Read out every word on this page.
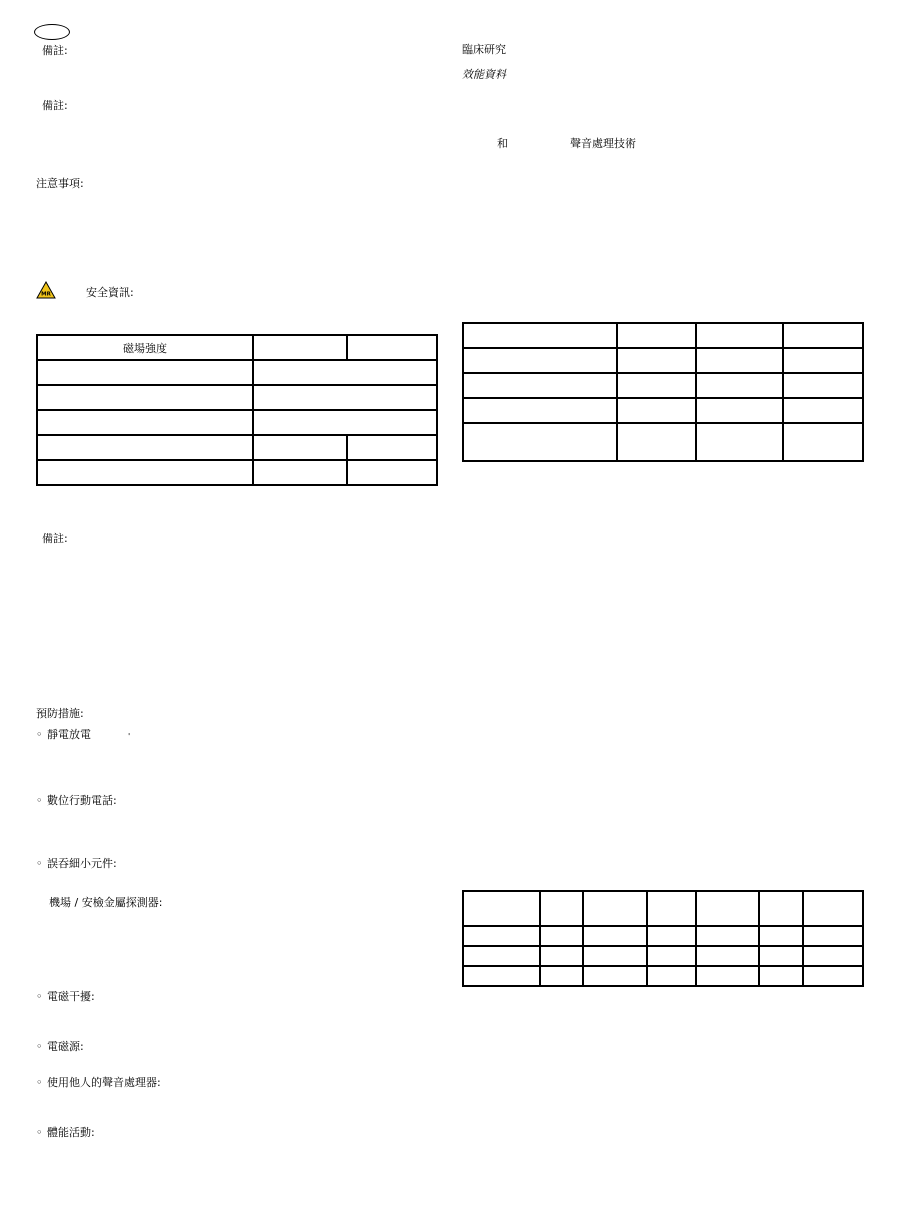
備註:
備註:
注意事項:
MR	安全資訊:
磁場強度		

備註:
預防措施:
◦ 靜電放電	'
◦ 數位行動電話:
◦ 誤吞細小元件:
機場 / 安檢金屬探測器:
◦ 電磁干擾:
◦ 電磁源:
◦ 使用他人的聲音處理器:
◦ 體能活動:
臨床研究
效能資料
和	聲音處理技術
